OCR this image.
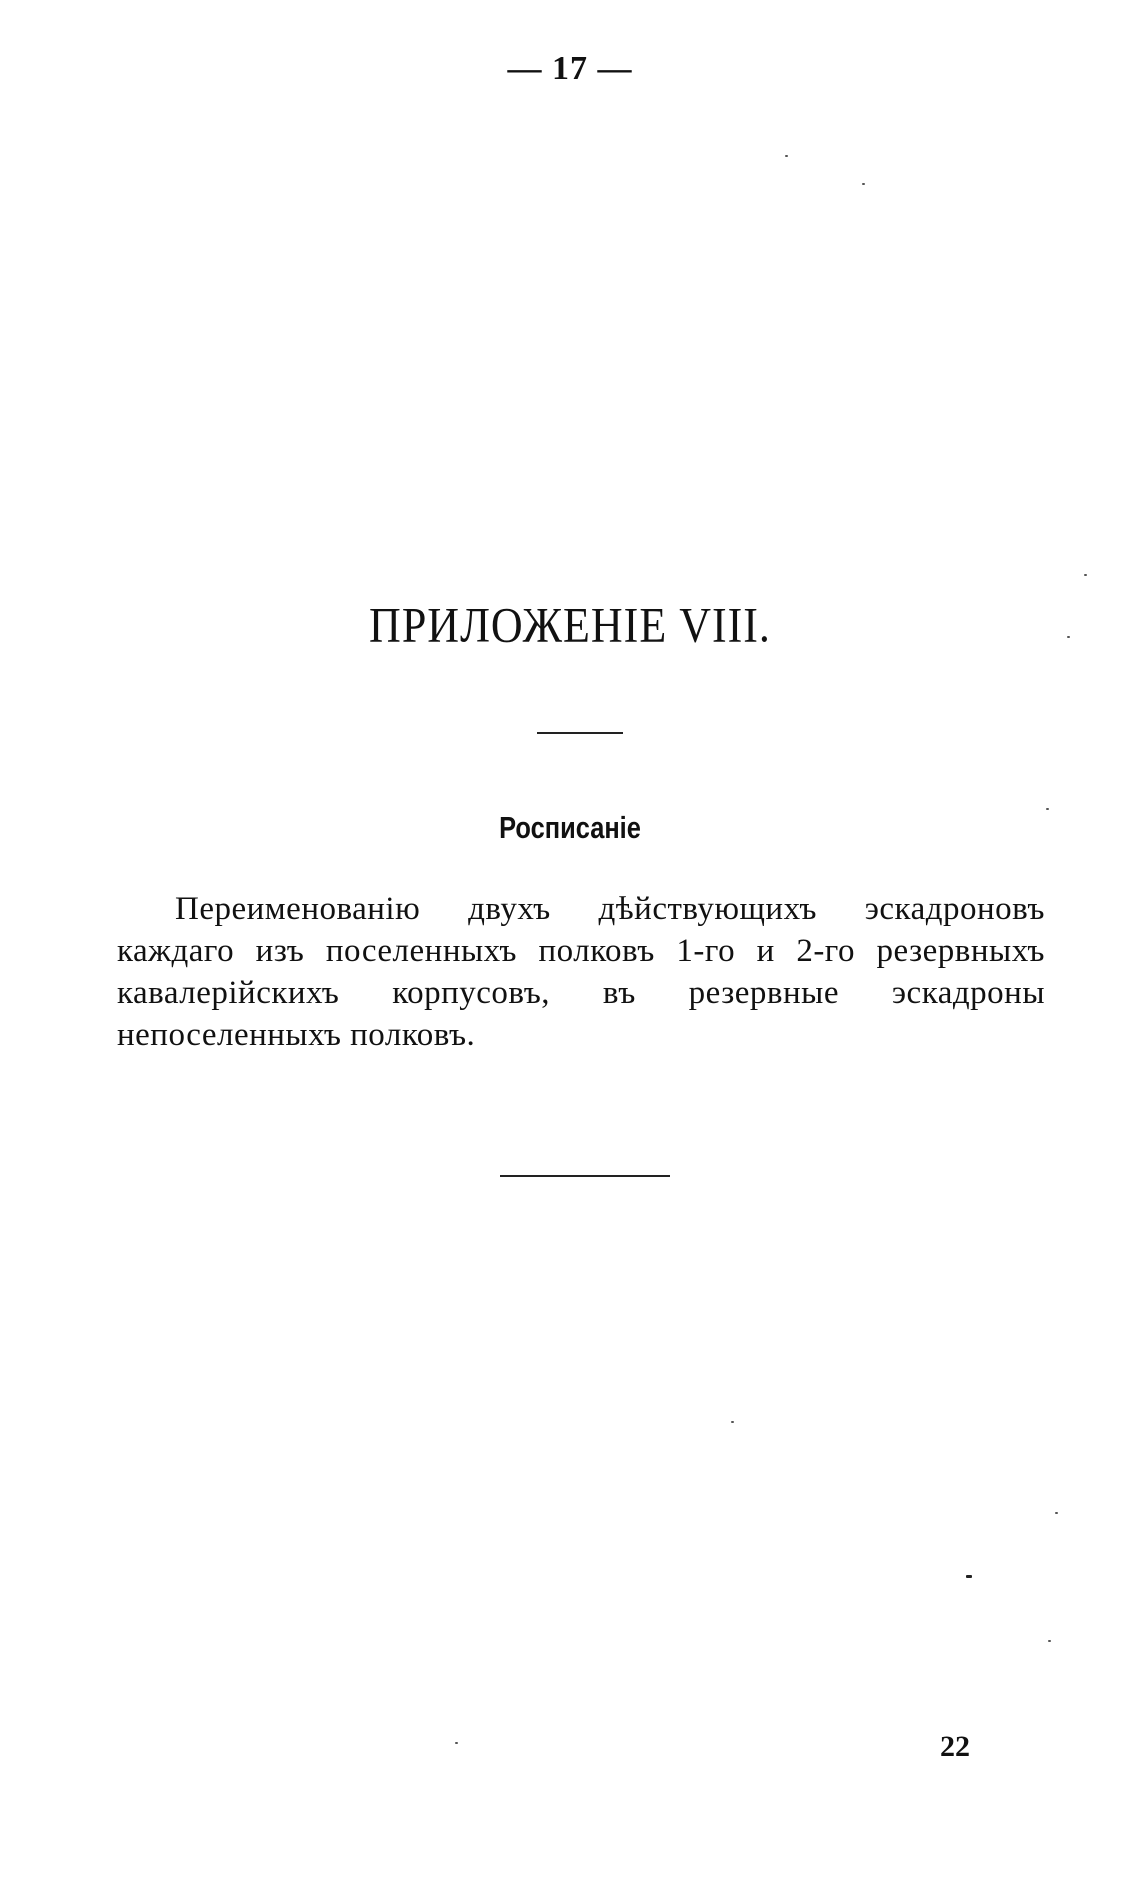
— 17 —
ПРИЛОЖЕНІЕ VIII.
Росписаніе
Переименованію двухъ дѣйствующихъ эскадроновъ каждаго изъ поселенныхъ полковъ 1-го и 2-го резервныхъ кавалерійскихъ корпусовъ, въ резервные эскадроны непоселенныхъ полковъ.
22
